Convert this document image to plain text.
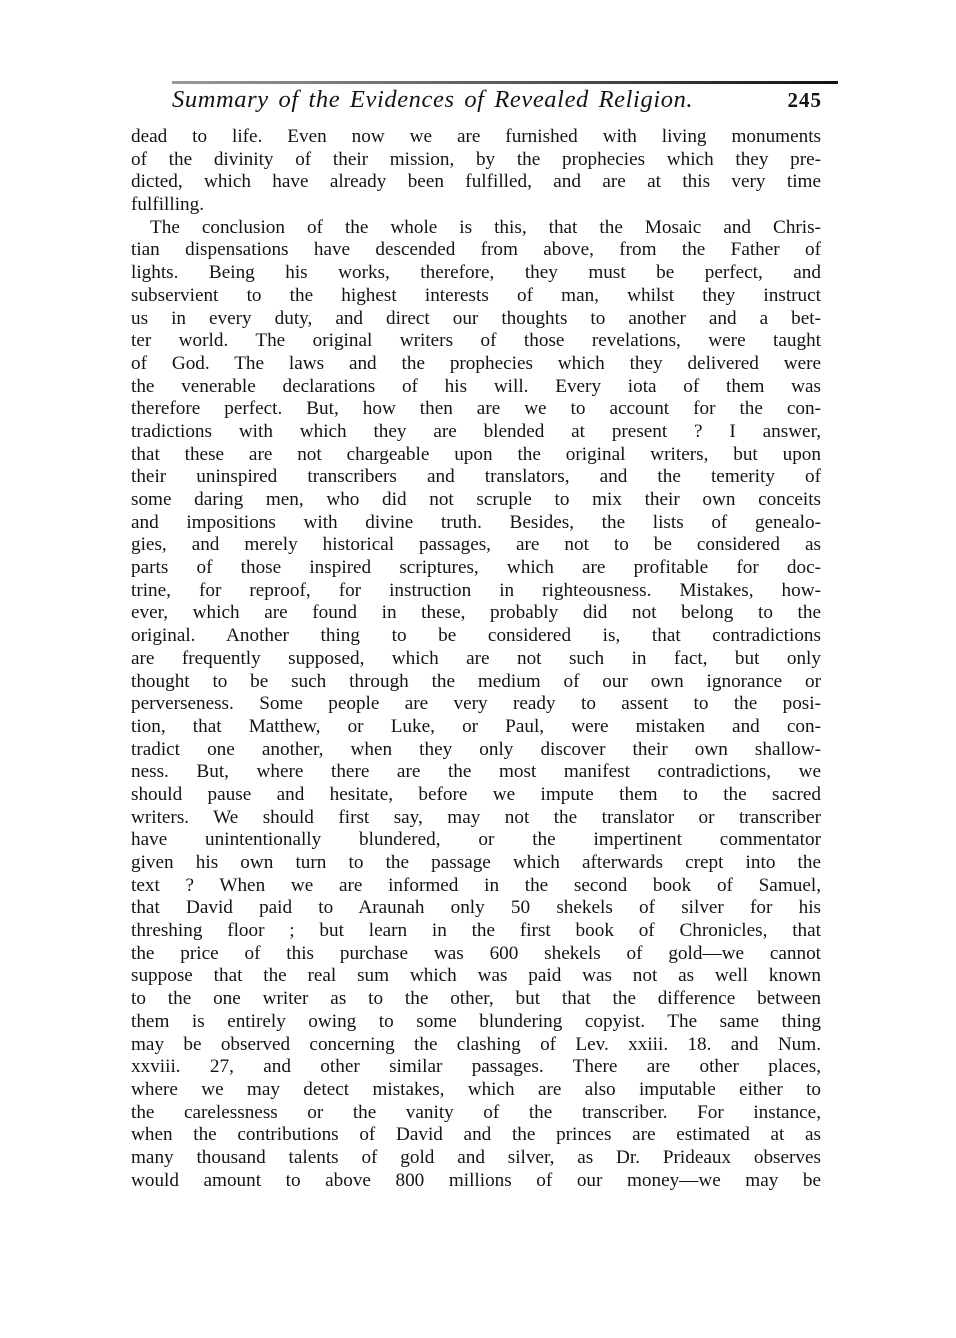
Summary of the Evidences of Revealed Religion.	245
dead to life. Even now we are furnished with living monuments
of the divinity of their mission, by the prophecies which they pre-
dicted, which have already been fulfilled, and are at this very time
fulfilling.
The conclusion of the whole is this, that the Mosaic and Chris-
tian dispensations have descended from above, from the Father of
lights. Being his works, therefore, they must be perfect, and
subservient to the highest interests of man, whilst they instruct
us in every duty, and direct our thoughts to another and a bet-
ter world. The original writers of those revelations, were taught
of God. The laws and the prophecies which they delivered were
the venerable declarations of his will. Every iota of them was
therefore perfect. But, how then are we to account for the con-
tradictions with which they are blended at present ? I answer,
that these are not chargeable upon the original writers, but upon
their uninspired transcribers and translators, and the temerity of
some daring men, who did not scruple to mix their own conceits
and impositions with divine truth. Besides, the lists of genealo-
gies, and merely historical passages, are not to be considered as
parts of those inspired scriptures, which are profitable for doc-
trine, for reproof, for instruction in righteousness. Mistakes, how-
ever, which are found in these, probably did not belong to the
original. Another thing to be considered is, that contradictions
are frequently supposed, which are not such in fact, but only
thought to be such through the medium of our own ignorance or
perverseness. Some people are very ready to assent to the posi-
tion, that Matthew, or Luke, or Paul, were mistaken and con-
tradict one another, when they only discover their own shallow-
ness. But, where there are the most manifest contradictions, we
should pause and hesitate, before we impute them to the sacred
writers. We should first say, may not the translator or transcriber
have unintentionally blundered, or the impertinent commentator
given his own turn to the passage which afterwards crept into the
text ? When we are informed in the second book of Samuel,
that David paid to Araunah only 50 shekels of silver for his
threshing floor ; but learn in the first book of Chronicles, that
the price of this purchase was 600 shekels of gold—we cannot
suppose that the real sum which was paid was not as well known
to the one writer as to the other, but that the difference between
them is entirely owing to some blundering copyist. The same thing
may be observed concerning the clashing of Lev. xxiii. 18. and Num.
xxviii. 27, and other similar passages. There are other places,
where we may detect mistakes, which are also imputable either to
the carelessness or the vanity of the transcriber. For instance,
when the contributions of David and the princes are estimated at as
many thousand talents of gold and silver, as Dr. Prideaux observes
would amount to above 800 millions of our money—we may be
